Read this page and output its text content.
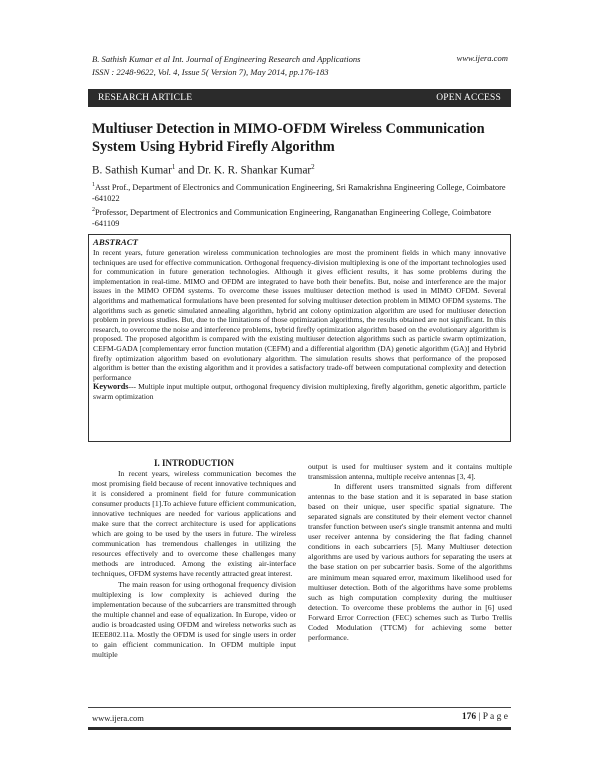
B. Sathish Kumar et al Int. Journal of Engineering Research and Applications
ISSN : 2248-9622, Vol. 4, Issue 5( Version 7), May 2014, pp.176-183
www.ijera.com
RESEARCH ARTICLE	OPEN ACCESS
Multiuser Detection in MIMO-OFDM Wireless Communication System Using Hybrid Firefly Algorithm
B. Sathish Kumar$^1$ and Dr. K. R. Shankar Kumar$^2$

$^1$Asst Prof., Department of Electronics and Communication Engineering, Sri Ramakrishna Engineering College, Coimbatore -641022

$^2$Professor, Department of Electronics and Communication Engineering, Ranganathan Engineering College, Coimbatore -641109

ABSTRACT

In recent years, future generation wireless communication technologies are most the prominent fields in which many innovative techniques are used for effective communication. Orthogonal frequency-division multiplexing is one of the important technologies used for communication in future generation technologies. Although it gives efficient results, it has some problems during the implementation in real-time. MIMO and OFDM are integrated to have both their benefits. But, noise and interference are the major issues in the MIMO OFDM systems. To overcome these issues multiuser detection method is used in MIMO OFDM. Several algorithms and mathematical formulations have been presented for solving multiuser detection problem in MIMO OFDM systems. The algorithms such as genetic simulated annealing algorithm, hybrid ant colony optimization algorithm are used for multiuser detection problem in previous studies. But, due to the limitations of those optimization algorithms, the results obtained are not significant. In this research, to overcome the noise and interference problems, hybrid firefly optimization algorithm based on the evolutionary algorithm is proposed. The proposed algorithm is compared with the existing multiuser detection algorithms such as particle swarm optimization, CEFM-GADA [complementary error function mutation (CEFM) and a differential algorithm (DA) genetic algorithm (GA)] and Hybrid firefly optimization algorithm based on evolutionary algorithm. The simulation results shows that performance of the proposed algorithm is better than the existing algorithm and it provides a satisfactory trade-off between computational complexity and detection performance

Keywords--- Multiple input multiple output, orthogonal frequency division multiplexing, firefly algorithm, genetic algorithm, particle swarm optimization

I. INTRODUCTION

In recent years, wireless communication becomes the most promising field because of recent innovative techniques and it is considered a prominent field for future communication consumer products [1].To achieve future efficient communication, innovative techniques are needed for various applications and make sure that the correct architecture is used for applications which are going to be used by the users in future. The wireless communication has tremendous challenges in utilizing the resources effectively and to overcome these challenges many methods are introduced. Among the existing air-interface techniques, OFDM systems have recently attracted great interest.

The main reason for using orthogonal frequency division multiplexing is low complexity is achieved during the implementation because of the subcarriers are transmitted through the multiple channel and ease of equalization. In Europe, video or audio is broadcasted using OFDM and wireless networks such as IEEE802.11a. Mostly the OFDM is used for single users in order to gain efficient communication. In OFDM multiple input multiple

output is used for multiuser system and it contains multiple transmission antenna, multiple receive antennas [3, 4].

In different users transmitted signals from different antennas to the base station and it is separated in base station based on their unique, user specific spatial signature. The separated signals are constituted by their element vector channel transfer function between user's single transmit antenna and multi user receiver antenna by considering the flat fading channel conditions in each subcarriers [5]. Many Multiuser detection algorithms are used by various authors for separating the users at the base station on per subcarrier basis. Some of the algorithms are minimum mean squared error, maximum likelihood used for multiuser detection. Both of the algorithms have some problems such as high computation complexity during the multiuser detection. To overcome these problems the author in [6] used Forward Error Correction (FEC) schemes such as Turbo Trellis Coded Modulation (TTCM) for achieving some better performance.

www.ijera.com	176 | P a g e
